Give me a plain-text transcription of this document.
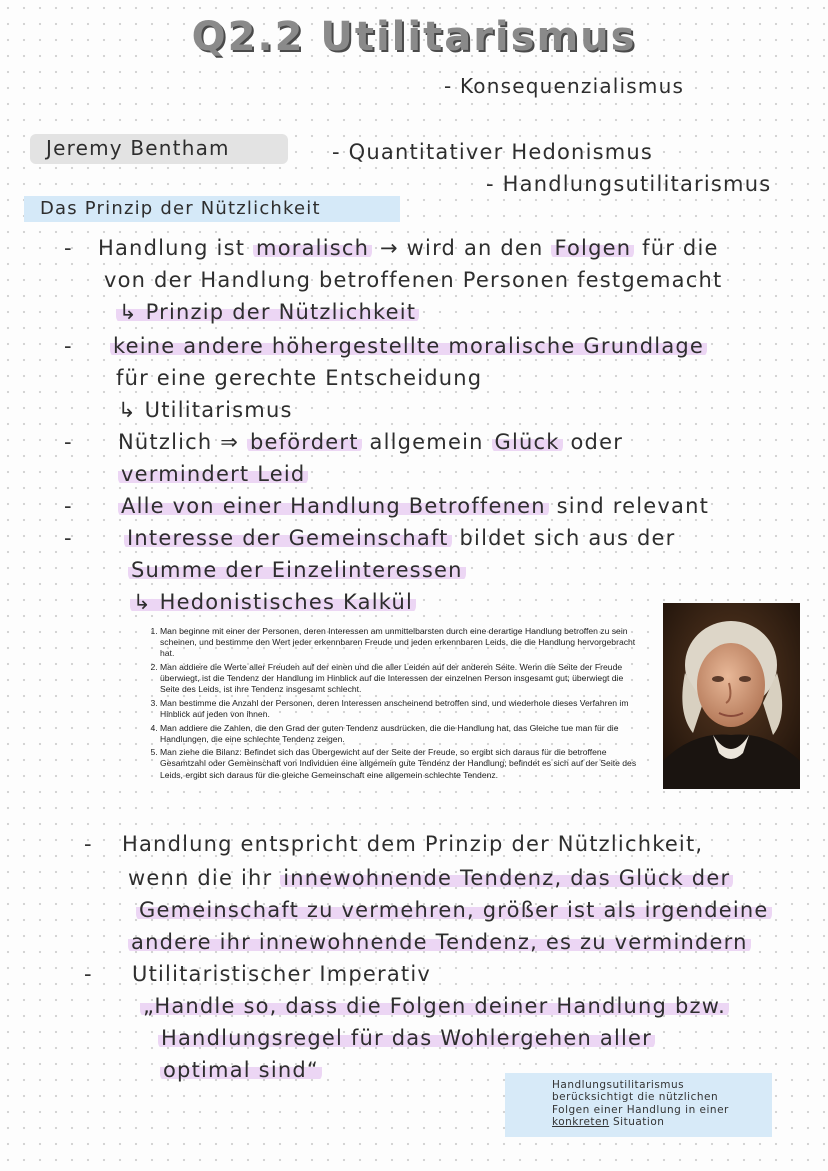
Q2.2 Utilitarismus
- Konsequenzialismus
Jeremy Bentham	- Quantitativer Hedonismus
- Handlungsutilitarismus
Das Prinzip der Nützlichkeit
- Handlung ist moralisch → wird an den Folgen für die
von der Handlung betroffenen Personen festgemacht
↳ Prinzip der Nützlichkeit
- keine andere höhergestellte moralische Grundlage
für eine gerechte Entscheidung
↳ Utilitarismus
- Nützlich ⇒ befördert allgemein Glück oder
vermindert Leid
- Alle von einer Handlung Betroffenen sind relevant
-	Interesse der Gemeinschaft bildet sich aus der
Summe der Einzelinteressen
↳ Hedonistisches Kalkül
1. Man beginne mit einer der Personen, deren Interessen am unmittelbarsten durch eine derartige Handlung betroffen zu sein scheinen, und bestimme den Wert jeder erkennbaren Freude und jeden erkennbaren Leids, die die Handlung hervorgebracht hat.
2. Man addiere die Werte aller Freuden auf der einen und die aller Leiden auf der anderen Seite. Wenn die Seite der Freude überwiegt, ist die Tendenz der Handlung im Hinblick auf die Interessen der einzelnen Person insgesamt gut; überwiegt die Seite des Leids, ist ihre Tendenz insgesamt schlecht.
3. Man bestimme die Anzahl der Personen, deren Interessen anscheinend betroffen sind, und wiederhole dieses Verfahren im Hinblick auf jeden von ihnen.
4. Man addiere die Zahlen, die den Grad der guten Tendenz ausdrücken, die die Handlung hat, das Gleiche tue man für die Handlungen, die eine schlechte Tendenz zeigen.
5. Man ziehe die Bilanz: Befindet sich das Übergewicht auf der Seite der Freude, so ergibt sich daraus für die betroffene Gesamtzahl oder Gemeinschaft von Individuen eine allgemein gute Tendenz der Handlung; befindet es sich auf der Seite des Leids, ergibt sich daraus für die gleiche Gemeinschaft eine allgemein schlechte Tendenz.
- Handlung entspricht dem Prinzip der Nützlichkeit,
wenn die ihr innewohnende Tendenz, das Glück der
Gemeinschaft zu vermehren, größer ist als irgendeine
andere ihr innewohnende Tendenz, es zu vermindern
- Utilitaristischer Imperativ
„Handle so, dass die Folgen deiner Handlung bzw.
Handlungsregel für das Wohlergehen aller
optimal sind“
Handlungsutilitarismus
berücksichtigt die nützlichen
Folgen einer Handlung in einer
konkreten Situation
